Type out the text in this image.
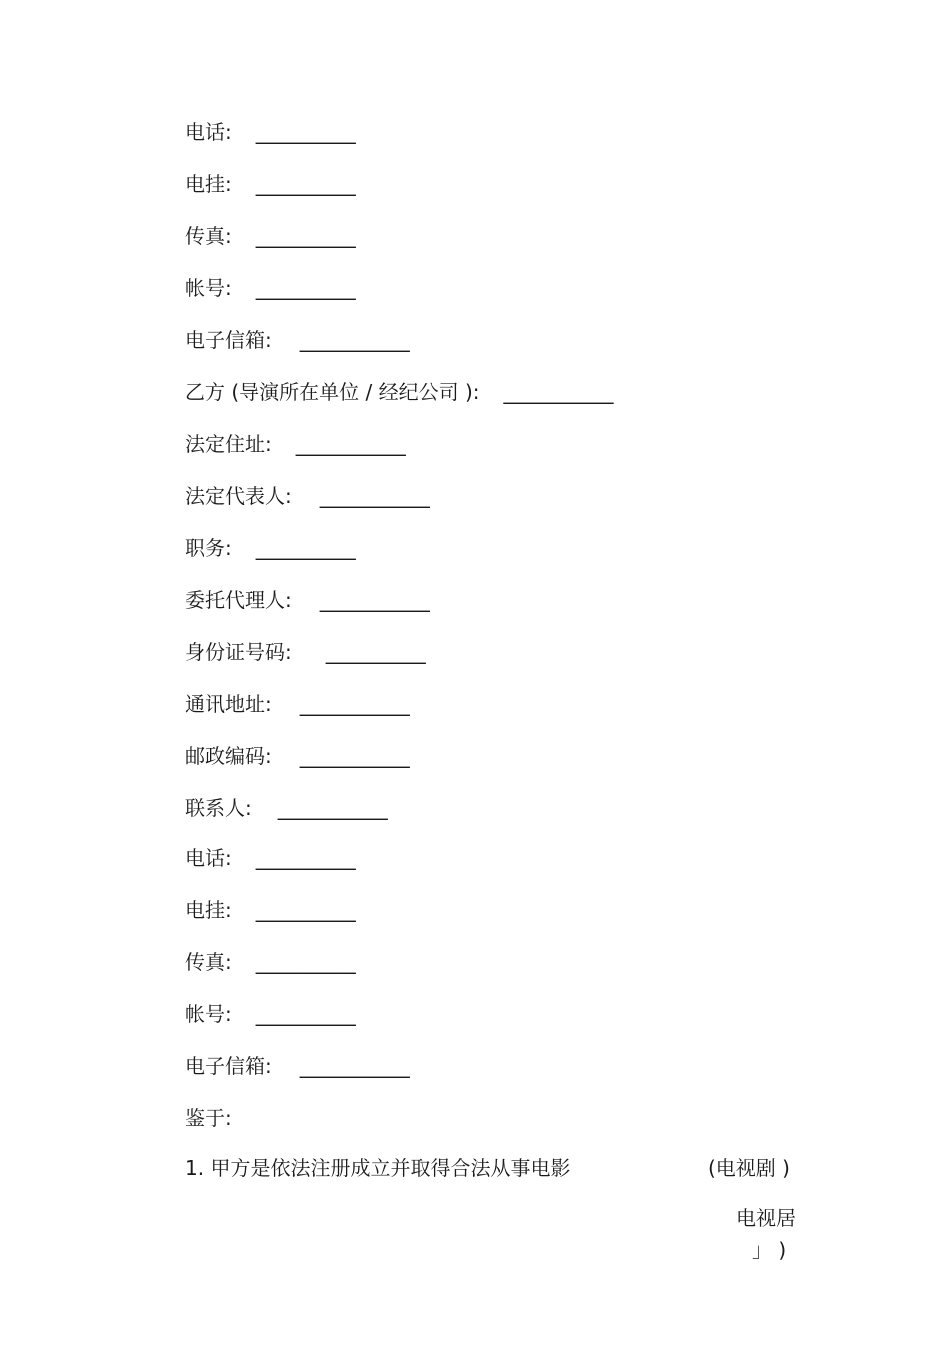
电话: __________
电挂: __________
传真: __________
帐号: __________
电子信箱: ___________
乙方 (导演所在单位 / 经纪公司 ): ___________
法定住址: ___________
法定代表人: ___________
职务: __________
委托代理人: ___________
身份证号码: __________
通讯地址: ___________
邮政编码: ___________
联系人: ___________
电话: __________
电挂: __________
传真: __________
帐号: __________
电子信箱: ___________
鉴于:
1. 甲方是依法注册成立并取得合法从事电影	(电视剧 )
电视居
」 )
